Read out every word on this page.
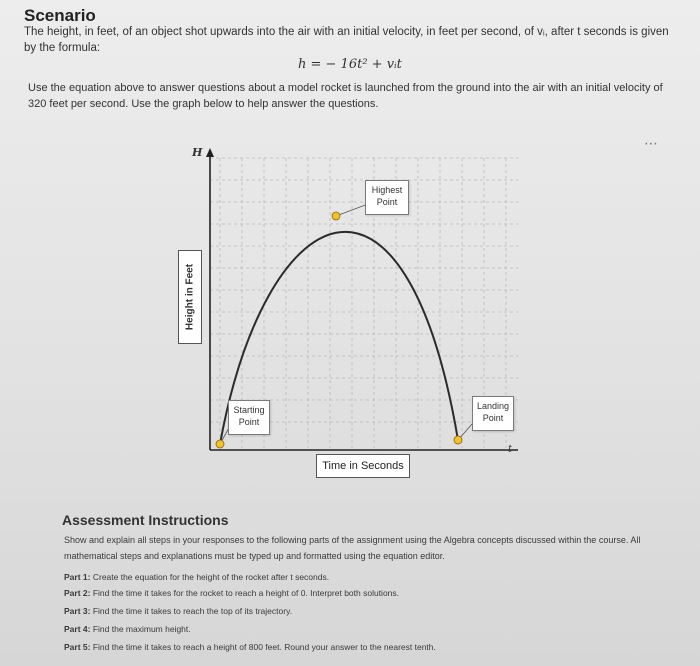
Scenario
The height, in feet, of an object shot upwards into the air with an initial velocity, in feet per second, of vᵢ, after t seconds is given by the formula:
h = − 16t² + vᵢt
Use the equation above to answer questions about a model rocket is launched from the ground into the air with an initial velocity of 320 feet per second. Use the graph below to help answer the questions.
⋯
H
t
Highest
Point
Starting
Point
Landing
Point
Height in Feet
Time in Seconds
Assessment Instructions
Show and explain all steps in your responses to the following parts of the assignment using the Algebra concepts discussed within the course. All mathematical steps and explanations must be typed up and formatted using the equation editor.
Part 1: Create the equation for the height of the rocket after t seconds.
Part 2: Find the time it takes for the rocket to reach a height of 0. Interpret both solutions.
Part 3: Find the time it takes to reach the top of its trajectory.
Part 4: Find the maximum height.
Part 5: Find the time it takes to reach a height of 800 feet. Round your answer to the nearest tenth.
